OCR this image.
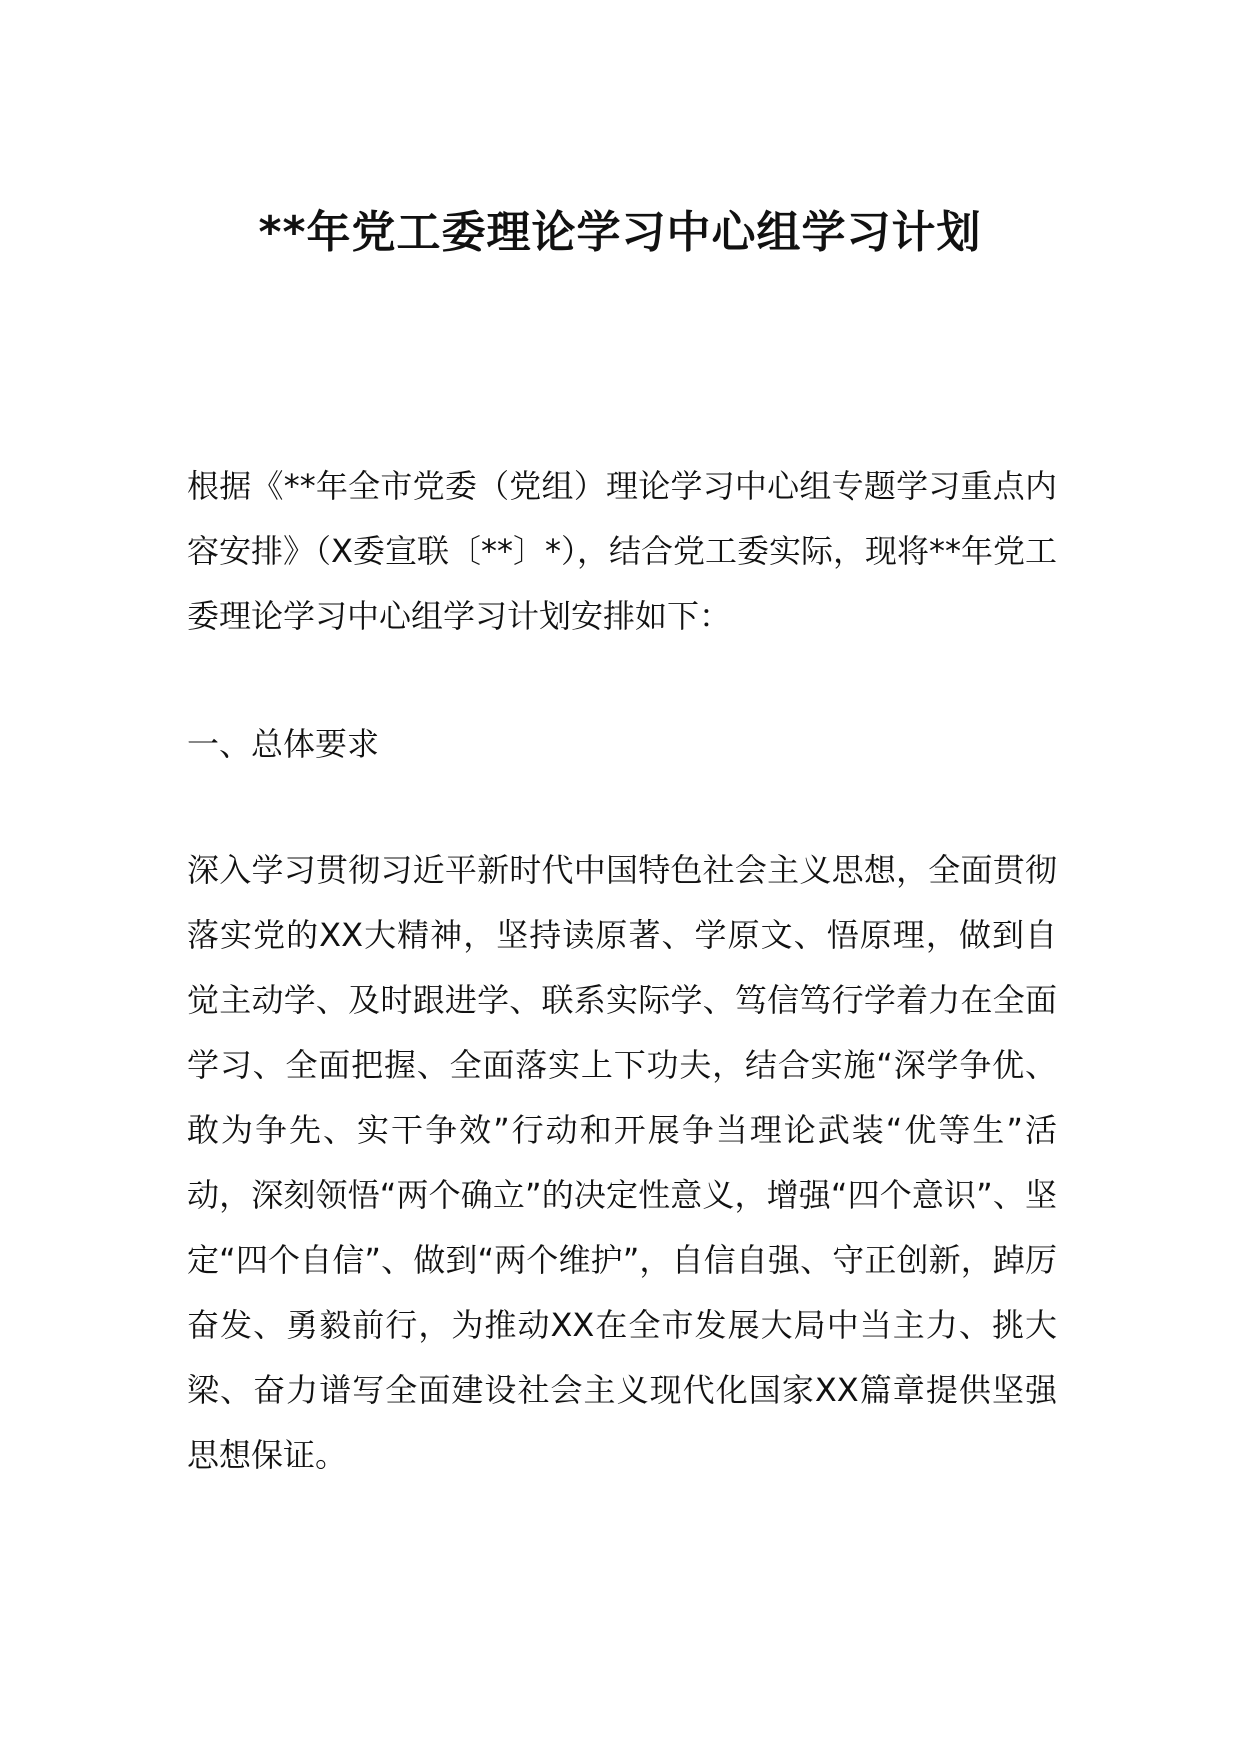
**年党工委理论学习中心组学习计划

根据《**年全市党委（党组）理论学习中心组专题学习重点内容安排》（X委宣联〔**〕*），结合党工委实际，现将**年党工委理论学习中心组学习计划安排如下：

一、总体要求

深入学习贯彻习近平新时代中国特色社会主义思想，全面贯彻落实党的XX大精神，坚持读原著、学原文、悟原理，做到自觉主动学、及时跟进学、联系实际学、笃信笃行学着力在全面学习、全面把握、全面落实上下功夫，结合实施“深学争优、敢为争先、实干争效”行动和开展争当理论武装“优等生”活动，深刻领悟“两个确立”的决定性意义，增强“四个意识”、坚定“四个自信”、做到“两个维护”，自信自强、守正创新，踔厉奋发、勇毅前行，为推动XX在全市发展大局中当主力、挑大梁、奋力谱写全面建设社会主义现代化国家XX篇章提供坚强思想保证。
